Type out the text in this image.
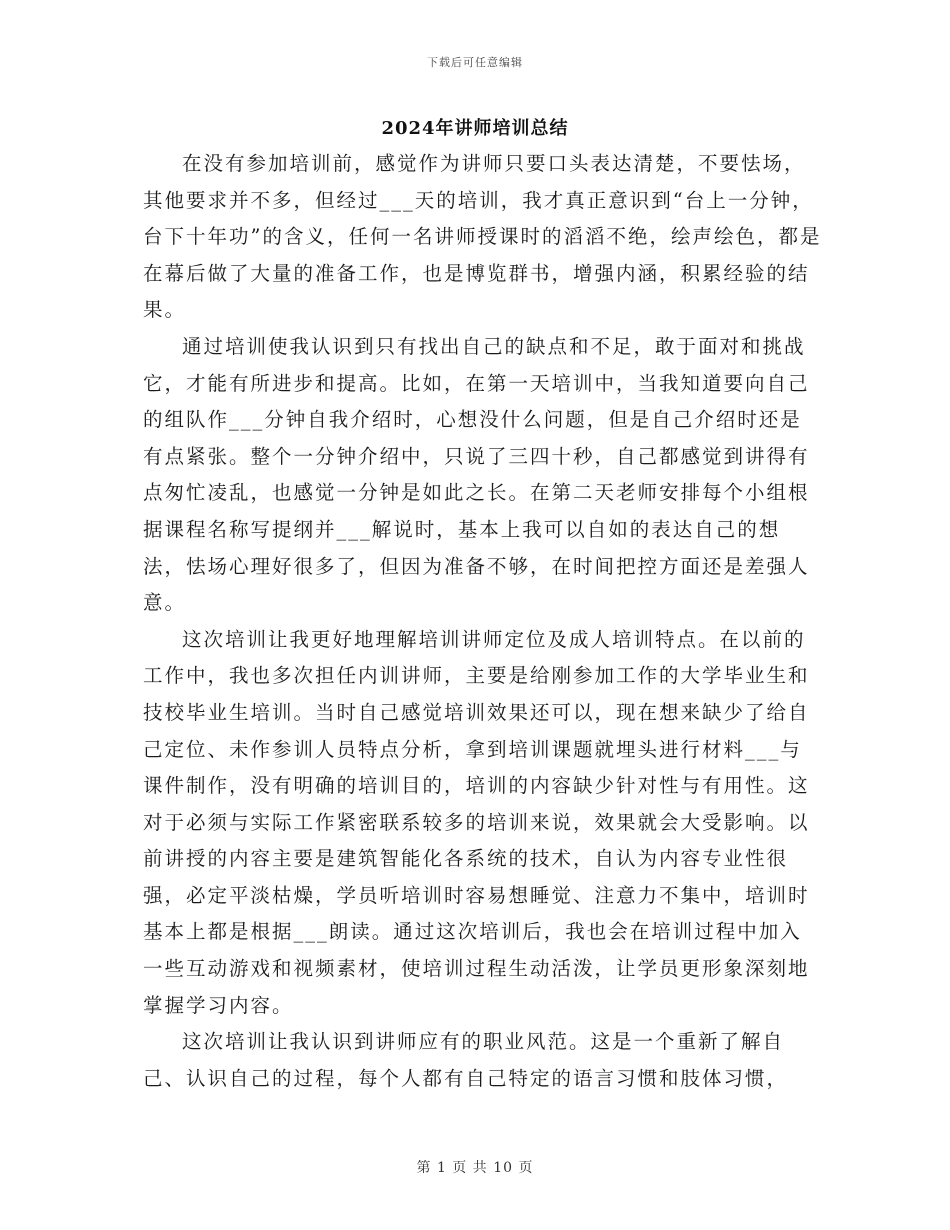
下载后可任意编辑
2024年讲师培训总结

在没有参加培训前，感觉作为讲师只要口头表达清楚，不要怯场，其他要求并不多，但经过___天的培训，我才真正意识到“台上一分钟，台下十年功”的含义，任何一名讲师授课时的滔滔不绝，绘声绘色，都是在幕后做了大量的准备工作，也是博览群书，增强内涵，积累经验的结果。

通过培训使我认识到只有找出自己的缺点和不足，敢于面对和挑战它，才能有所进步和提高。比如，在第一天培训中，当我知道要向自己的组队作___分钟自我介绍时，心想没什么问题，但是自己介绍时还是有点紧张。整个一分钟介绍中，只说了三四十秒，自己都感觉到讲得有点匆忙凌乱，也感觉一分钟是如此之长。在第二天老师安排每个小组根据课程名称写提纲并___解说时，基本上我可以自如的表达自己的想法，怯场心理好很多了，但因为准备不够，在时间把控方面还是差强人意。

这次培训让我更好地理解培训讲师定位及成人培训特点。在以前的工作中，我也多次担任内训讲师，主要是给刚参加工作的大学毕业生和技校毕业生培训。当时自己感觉培训效果还可以，现在想来缺少了给自己定位、未作参训人员特点分析，拿到培训课题就埋头进行材料___与课件制作，没有明确的培训目的，培训的内容缺少针对性与有用性。这对于必须与实际工作紧密联系较多的培训来说，效果就会大受影响。以前讲授的内容主要是建筑智能化各系统的技术，自认为内容专业性很强，必定平淡枯燥，学员听培训时容易想睡觉、注意力不集中，培训时基本上都是根据___朗读。通过这次培训后，我也会在培训过程中加入一些互动游戏和视频素材，使培训过程生动活泼，让学员更形象深刻地掌握学习内容。

这次培训让我认识到讲师应有的职业风范。这是一个重新了解自己、认识自己的过程，每个人都有自己特定的语言习惯和肢体习惯，

第 1 页 共 10 页
